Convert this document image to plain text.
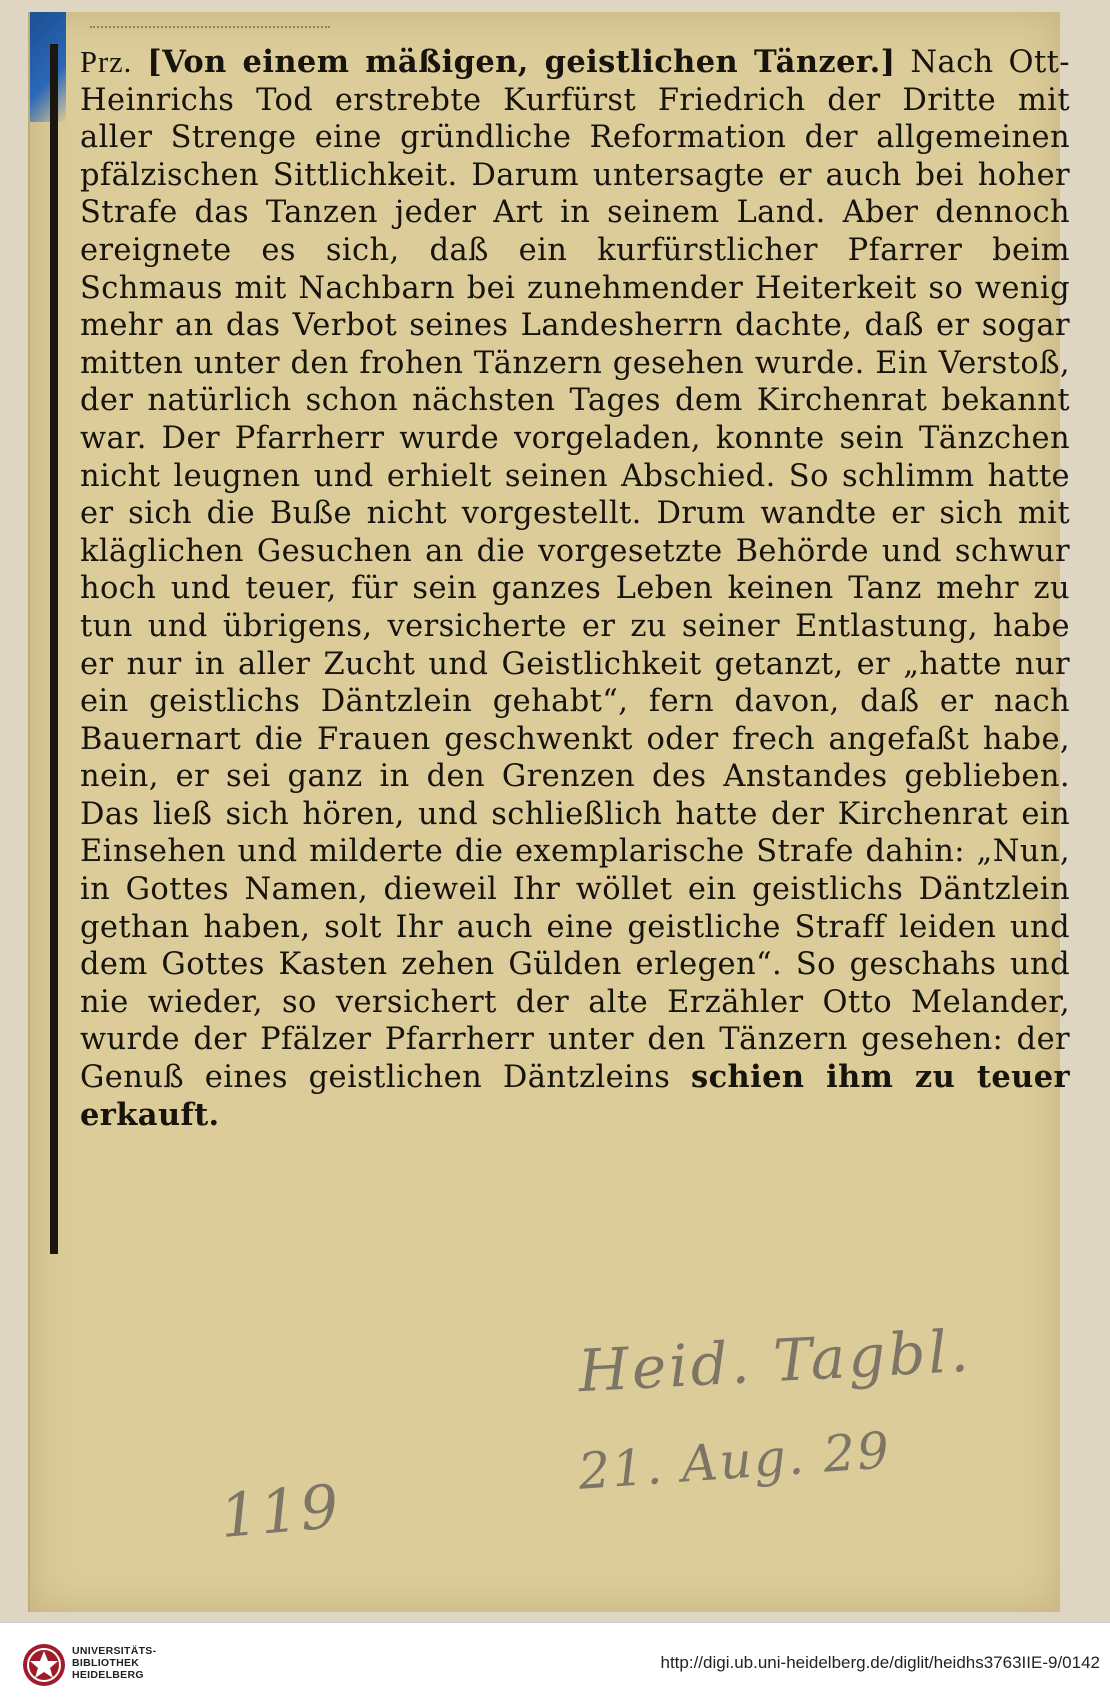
Prz. [Von einem mäßigen, geistlichen Tänzer.] Nach Ott-Heinrichs Tod erstrebte Kurfürst Friedrich der Dritte mit aller Strenge eine gründliche Reformation der allgemeinen pfälzischen Sittlichkeit. Darum untersagte er auch bei hoher Strafe das Tanzen jeder Art in seinem Land. Aber dennoch ereignete es sich, daß ein kurfürstlicher Pfarrer beim Schmaus mit Nachbarn bei zunehmender Heiterkeit so wenig mehr an das Verbot seines Landesherrn dachte, daß er sogar mitten unter den frohen Tänzern gesehen wurde. Ein Verstoß, der natürlich schon nächsten Tages dem Kirchenrat bekannt war. Der Pfarrherr wurde vorgeladen, konnte sein Tänzchen nicht leugnen und erhielt seinen Abschied. So schlimm hatte er sich die Buße nicht vorgestellt. Drum wandte er sich mit kläglichen Gesuchen an die vorgesetzte Behörde und schwur hoch und teuer, für sein ganzes Leben keinen Tanz mehr zu tun und übrigens, versicherte er zu seiner Entlastung, habe er nur in aller Zucht und Geistlichkeit getanzt, er „hatte nur ein geistlichs Däntzlein gehabt“, fern davon, daß er nach Bauernart die Frauen geschwenkt oder frech angefaßt habe, nein, er sei ganz in den Grenzen des Anstandes geblieben. Das ließ sich hören, und schließlich hatte der Kirchenrat ein Einsehen und milderte die exemplarische Strafe dahin: „Nun, in Gottes Namen, dieweil Ihr wöllet ein geistlichs Däntzlein gethan haben, solt Ihr auch eine geistliche Straff leiden und dem Gottes Kasten zehen Gülden erlegen“. So geschahs und nie wieder, so versichert der alte Erzähler Otto Melander, wurde der Pfälzer Pfarrherr unter den Tänzern gesehen: der Genuß eines geistlichen Däntzleins schien ihm zu teuer erkauft.

Heid. Tagbl.
21. Aug. 29
119
UNIVERSITÄTS-
BIBLIOTHEK
HEIDELBERG
http://digi.ub.uni-heidelberg.de/diglit/heidhs3763IIE-9/0142
